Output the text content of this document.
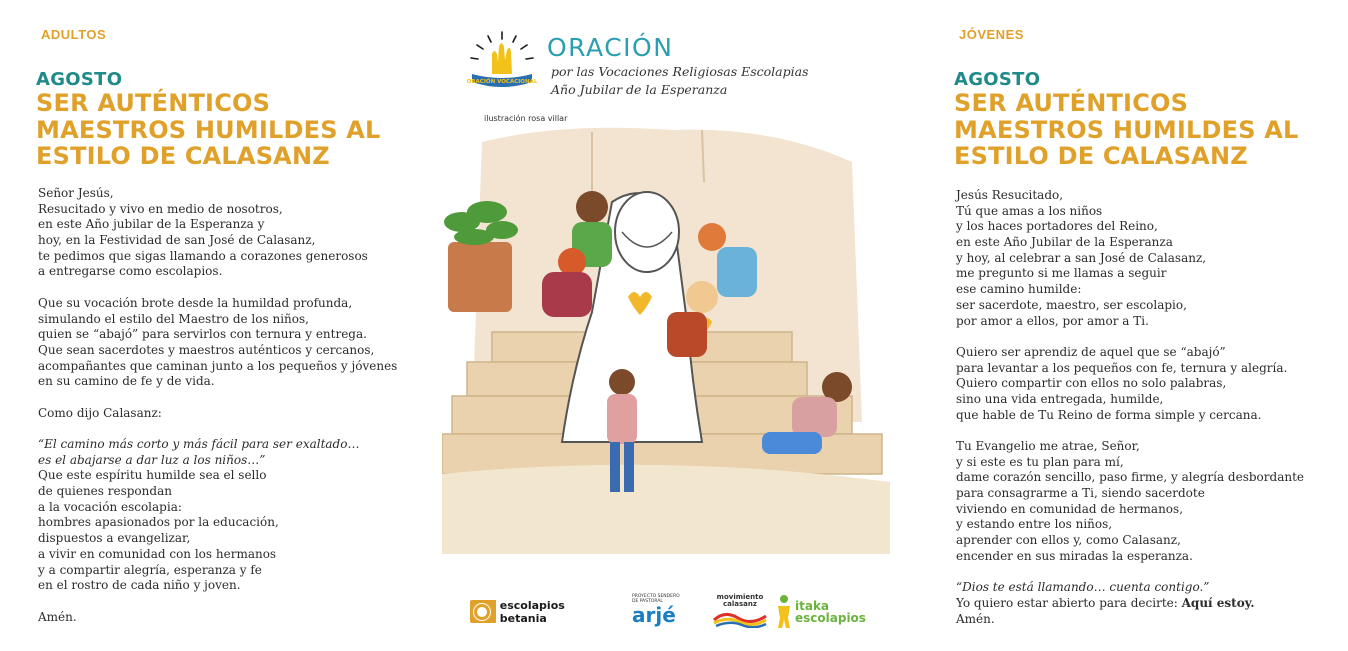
ADULTOS
AGOSTO
SER AUTÉNTICOS
MAESTROS HUMILDES AL
ESTILO DE CALASANZ
Señor Jesús,
Resucitado y vivo en medio de nosotros,
en este Año jubilar de la Esperanza y
hoy, en la Festividad de san José de Calasanz,
te pedimos que sigas llamando a corazones generosos
a entregarse como escolapios.
Que su vocación brote desde la humildad profunda,
simulando el estilo del Maestro de los niños,
quien se “abajó” para servirlos con ternura y entrega.
Que sean sacerdotes y maestros auténticos y cercanos,
acompañantes que caminan junto a los pequeños y jóvenes
en su camino de fe y de vida.
Como dijo Calasanz:
“El camino más corto y más fácil para ser exaltado…
es el abajarse a dar luz a los niños…”
Que este espíritu humilde sea el sello
de quienes respondan
a la vocación escolapia:
hombres apasionados por la educación,
dispuestos a evangelizar,
a vivir en comunidad con los hermanos
y a compartir alegría, esperanza y fe
en el rostro de cada niño y joven.
Amén.
ORACIÓN VOCACIONAL
ORACIÓN
por las Vocaciones Religiosas Escolapias
Año Jubilar de la Esperanza
ilustración rosa villar
escolapios betania
PROYECTO SENDERO
DE PASTORAL
arjé
movimiento
calasanz	itaka
escolapios
JÓVENES
AGOSTO
SER AUTÉNTICOS
MAESTROS HUMILDES AL
ESTILO DE CALASANZ
Jesús Resucitado,
Tú que amas a los niños
y los haces portadores del Reino,
en este Año Jubilar de la Esperanza
y hoy, al celebrar a san José de Calasanz,
me pregunto si me llamas a seguir
ese camino humilde:
ser sacerdote, maestro, ser escolapio,
por amor a ellos, por amor a Ti.
Quiero ser aprendiz de aquel que se “abajó”
para levantar a los pequeños con fe, ternura y alegría.
Quiero compartir con ellos no solo palabras,
sino una vida entregada, humilde,
que hable de Tu Reino de forma simple y cercana.
Tu Evangelio me atrae, Señor,
y si este es tu plan para mí,
dame corazón sencillo, paso firme, y alegría desbordante
para consagrarme a Ti, siendo sacerdote
viviendo en comunidad de hermanos,
y estando entre los niños,
aprender con ellos y, como Calasanz,
encender en sus miradas la esperanza.
“Dios te está llamando… cuenta contigo.”
Yo quiero estar abierto para decirte: Aquí estoy.
Amén.
